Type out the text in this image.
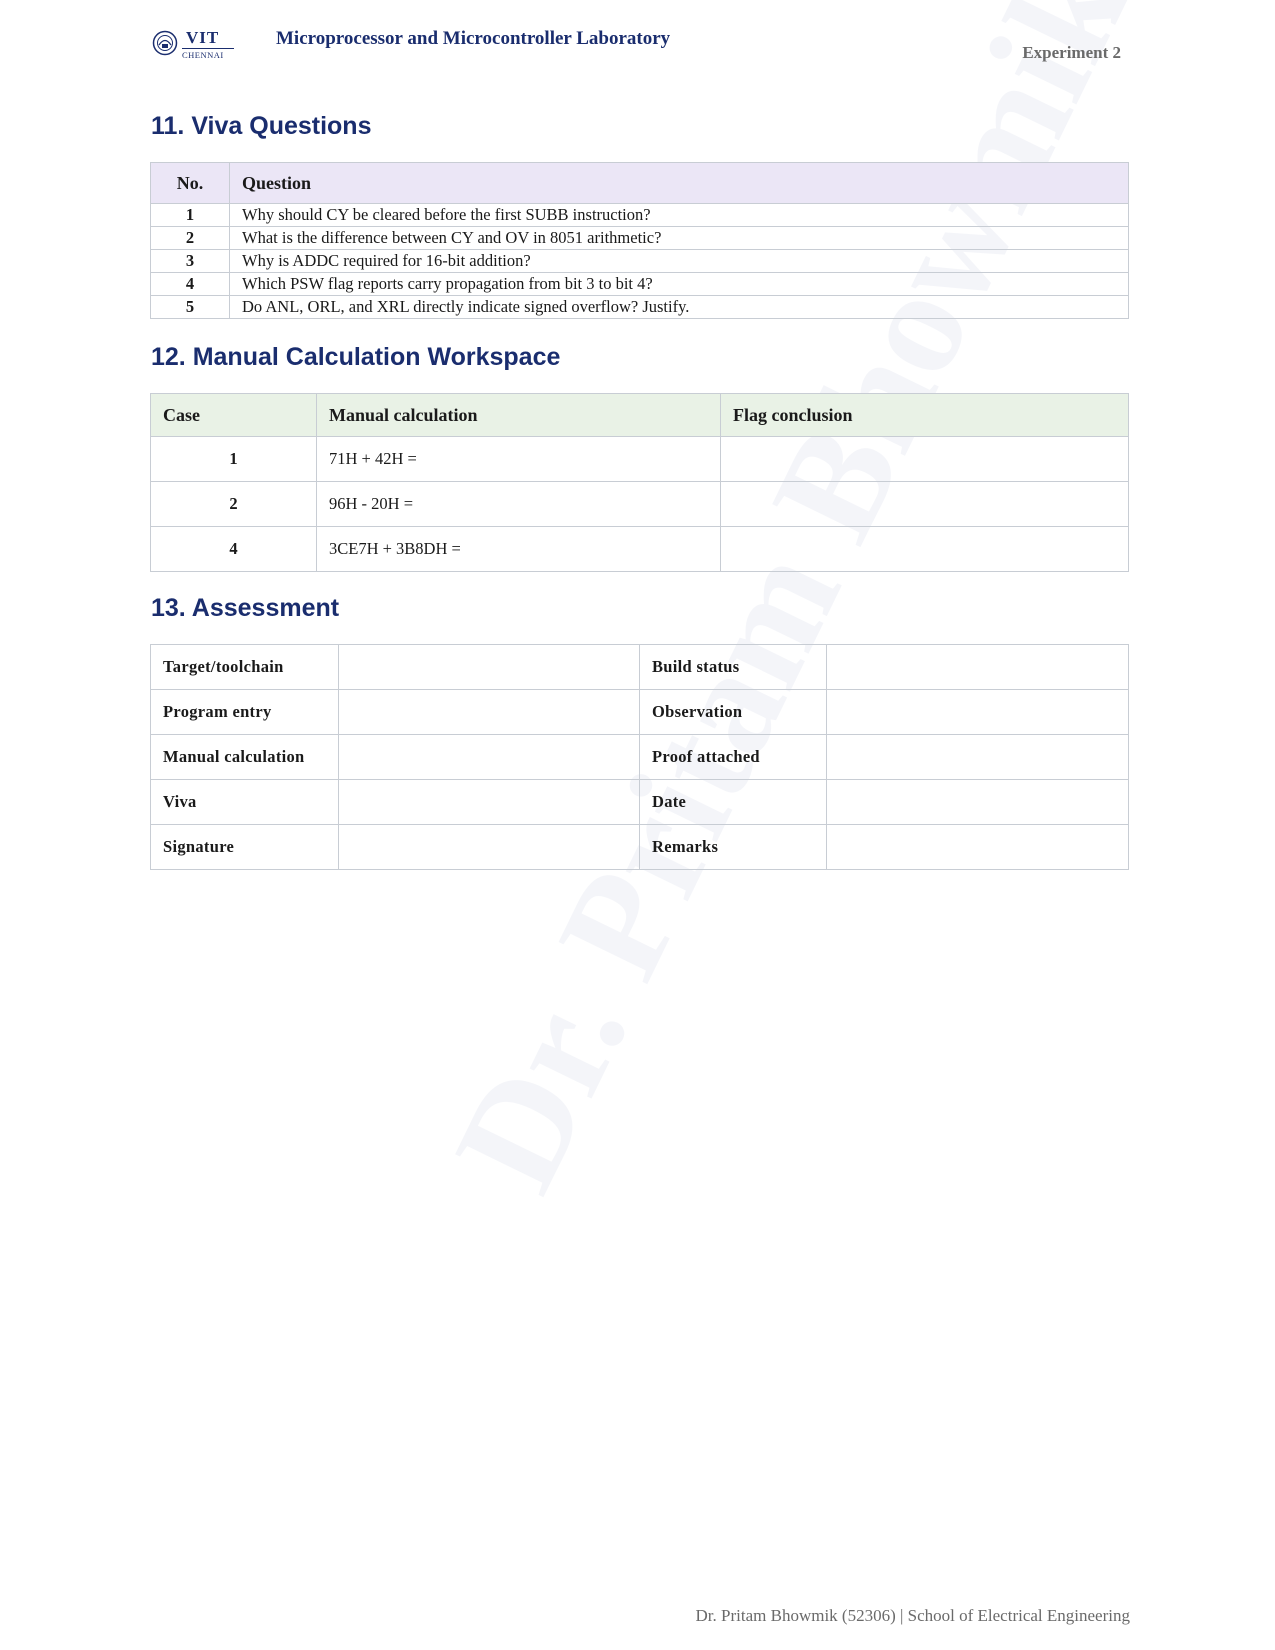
VIT
CHENNAI
Microprocessor and Microcontroller Laboratory
Experiment 2
11. Viva Questions
No.	Question
1	Why should CY be cleared before the first SUBB instruction?
2	What is the difference between CY and OV in 8051 arithmetic?
3	Why is ADDC required for 16-bit addition?
4	Which PSW flag reports carry propagation from bit 3 to bit 4?
5	Do ANL, ORL, and XRL directly indicate signed overflow? Justify.
12. Manual Calculation Workspace
Case	Manual calculation	Flag conclusion
1	71H + 42H =	
2	96H - 20H =	
4	3CE7H + 3B8DH =	
13. Assessment
Target/toolchain		Build status	
Program entry		Observation	
Manual calculation		Proof attached	
Viva		Date	
Signature		Remarks	
Dr. Pritam Bhowmik (52306) | School of Electrical Engineering
